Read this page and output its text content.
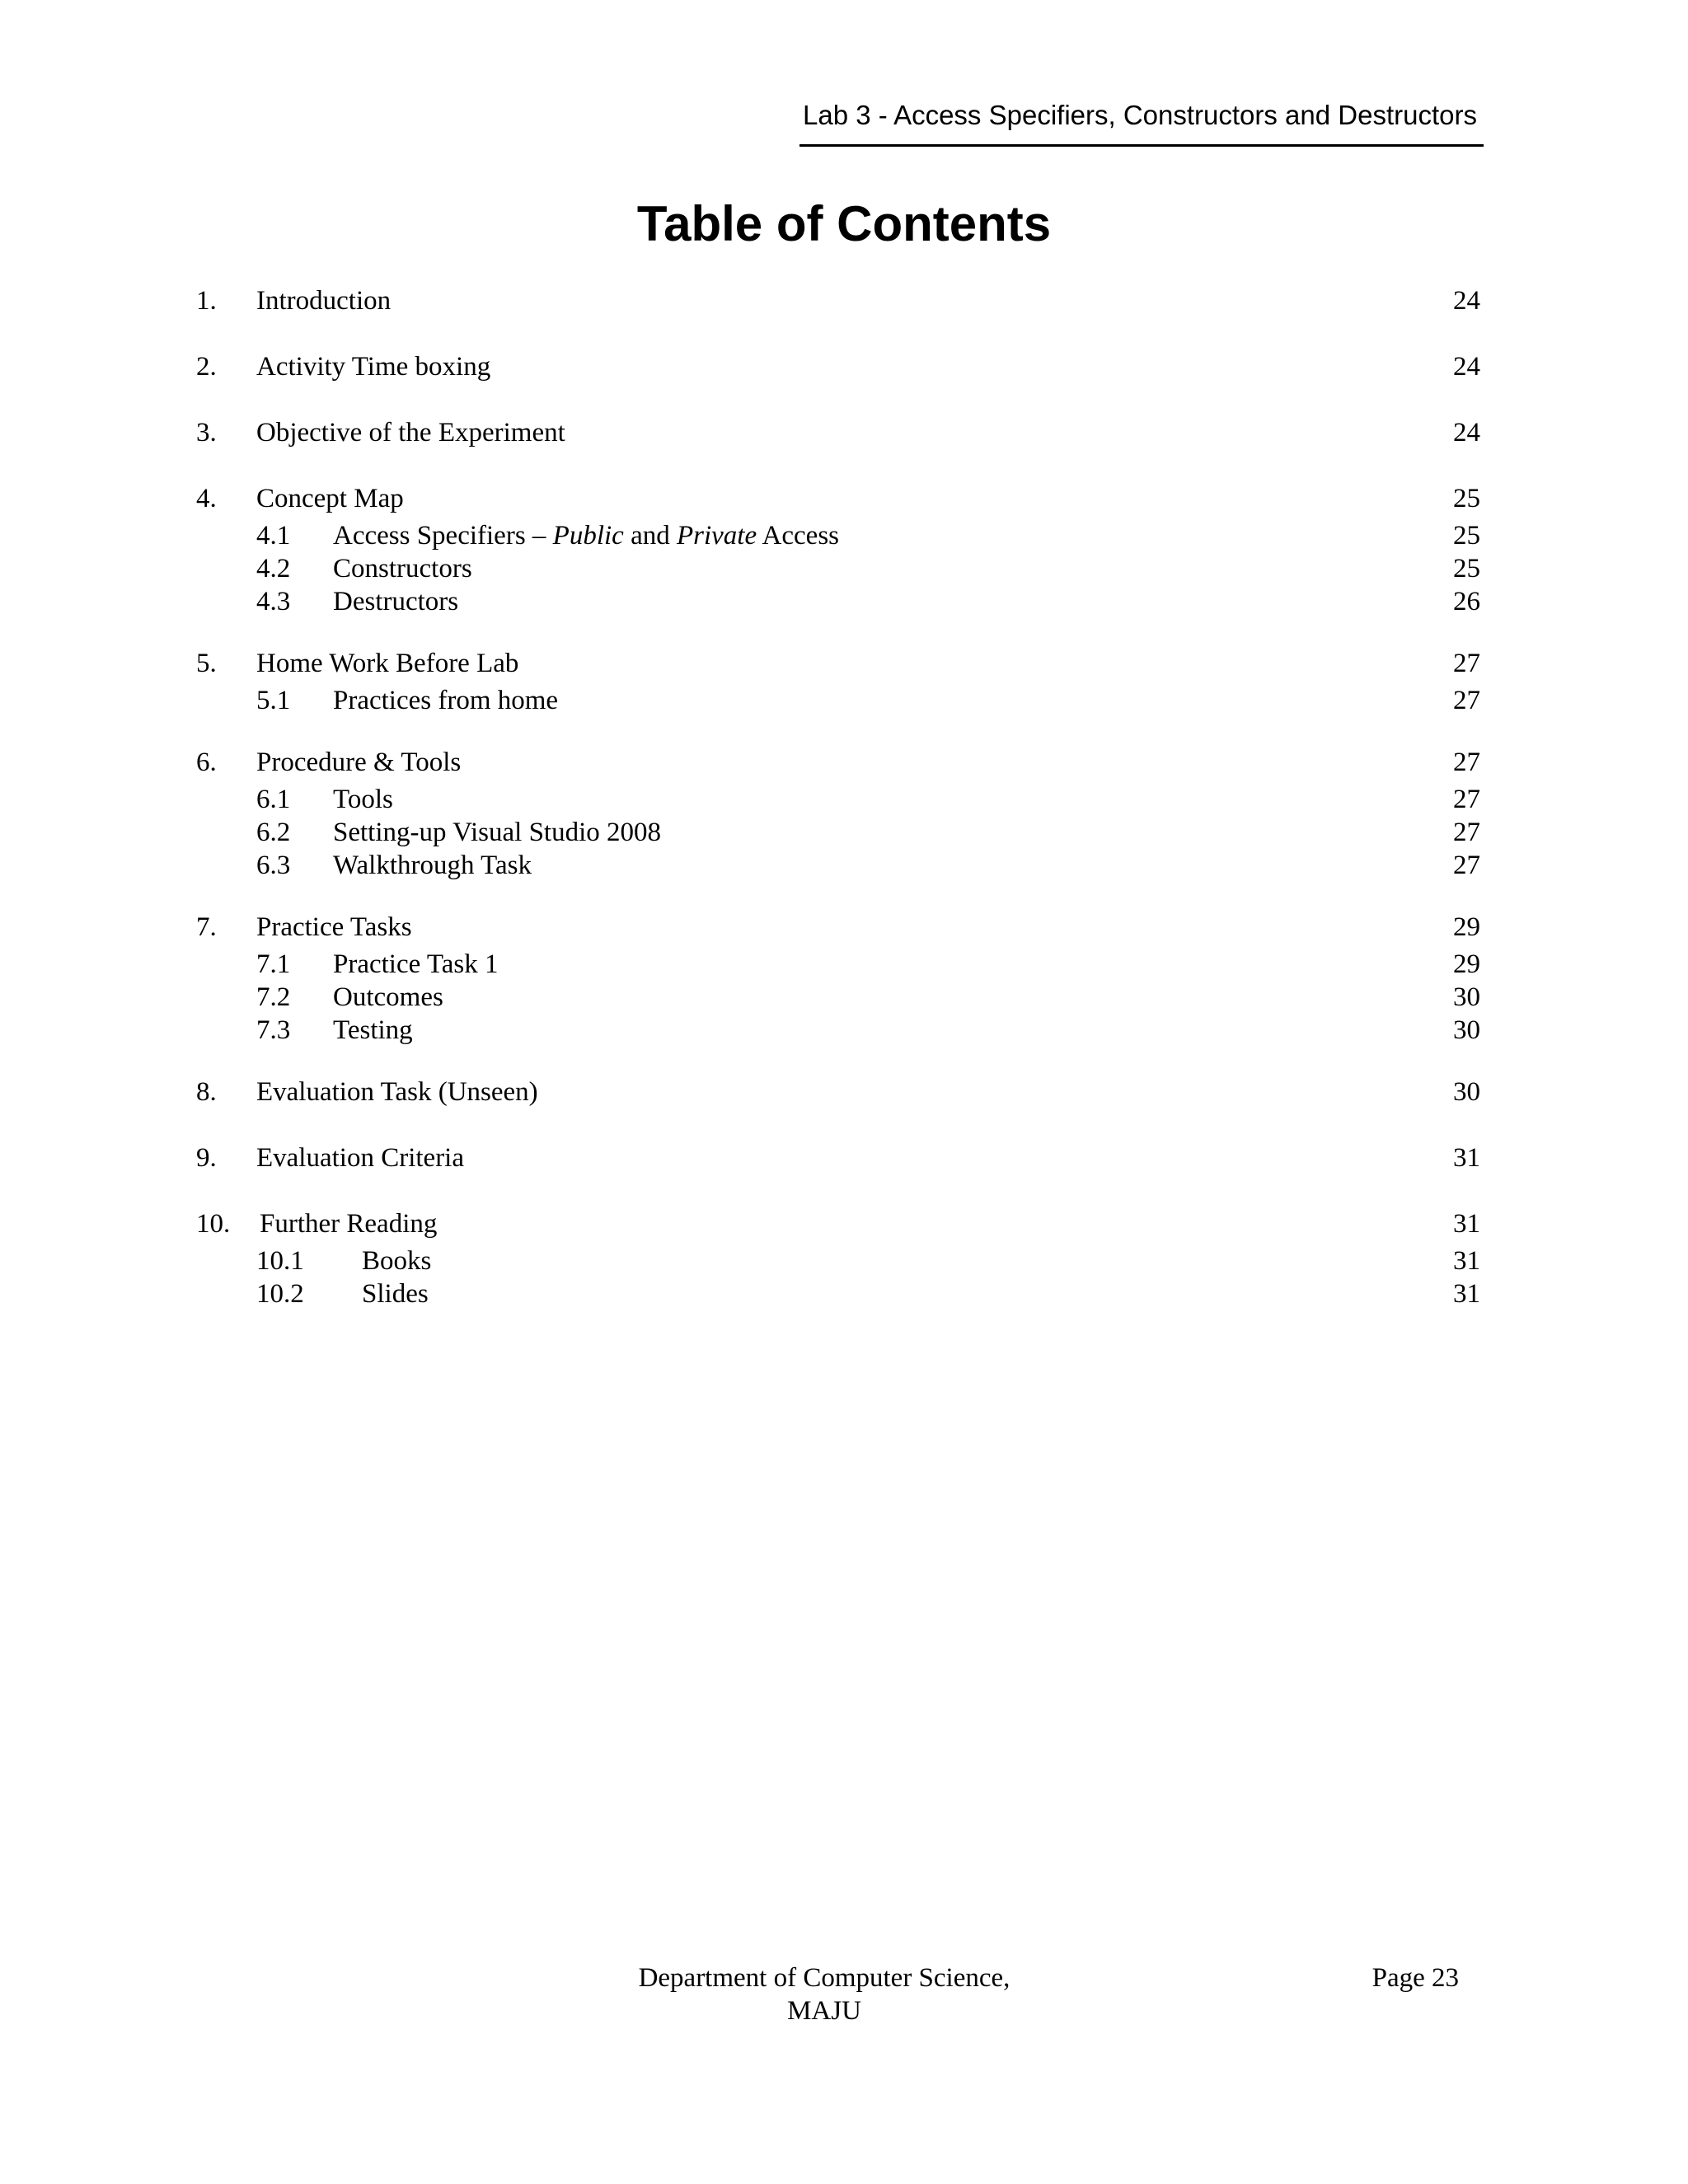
Lab 3 - Access Specifiers, Constructors and Destructors
Table of Contents
1.	Introduction	24
2.	Activity Time boxing	24
3.	Objective of the Experiment	24
4.	Concept Map	25
4.1	Access Specifiers – Public and Private Access	25
4.2	Constructors	25
4.3	Destructors	26
5.	Home Work Before Lab	27
5.1	Practices from home	27
6.	Procedure & Tools	27
6.1	Tools	27
6.2	Setting-up Visual Studio 2008	27
6.3	Walkthrough Task	27
7.	Practice Tasks	29
7.1	Practice Task 1	29
7.2	Outcomes	30
7.3	Testing	30
8.	Evaluation Task (Unseen)	30
9.	Evaluation Criteria	31
10.	Further Reading	31
10.1	Books	31
10.2	Slides	31
Department of Computer Science,
MAJU
Page 23
